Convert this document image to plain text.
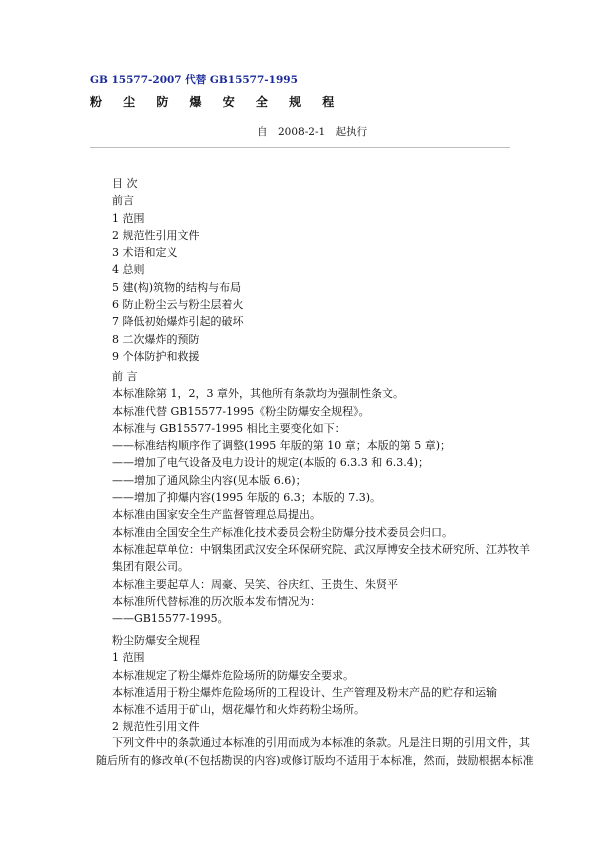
GB 15577-2007 代替 GB15577-1995
粉 尘 防 爆 安 全 规 程
自　2008-2-1　起执行
目 次
前言
1 范围
2 规范性引用文件
3 术语和定义
4 总则
5 建(构)筑物的结构与布局
6 防止粉尘云与粉尘层着火
7 降低初始爆炸引起的破坏
8 二次爆炸的预防
9 个体防护和救援
前 言
本标准除第 1，2，3 章外，其他所有条款均为强制性条文。
本标准代替 GB15577-1995《粉尘防爆安全规程》。
本标准与 GB15577-1995 相比主要变化如下：
——标准结构顺序作了调整(1995 年版的第 10 章；本版的第 5 章)；
——增加了电气设备及电力设计的规定(本版的 6.3.3 和 6.3.4)；
——增加了通风除尘内容(见本版 6.6)；
——增加了抑爆内容(1995 年版的 6.3；本版的 7.3)。
本标准由国家安全生产监督管理总局提出。
本标准由全国安全生产标准化技术委员会粉尘防爆分技术委员会归口。
本标准起草单位：中钢集团武汉安全环保研究院、武汉厚博安全技术研究所、江苏牧羊
集团有限公司。
本标准主要起草人：周豪、吴笑、谷庆红、王贵生、朱贤平
本标准所代替标准的历次版本发布情况为：
——GB15577-1995。
粉尘防爆安全规程
1 范围
本标准规定了粉尘爆炸危险场所的防爆安全要求。
本标准适用于粉尘爆炸危险场所的工程设计、生产管理及粉末产品的贮存和运输
本标准不适用于矿山，烟花爆竹和火炸药粉尘场所。
2 规范性引用文件
下列文件中的条款通过本标准的引用而成为本标准的条款。凡是注日期的引用文件，其
随后所有的修改单(不包括勘误的内容)或修订版均不适用于本标准，然而，鼓励根据本标准
